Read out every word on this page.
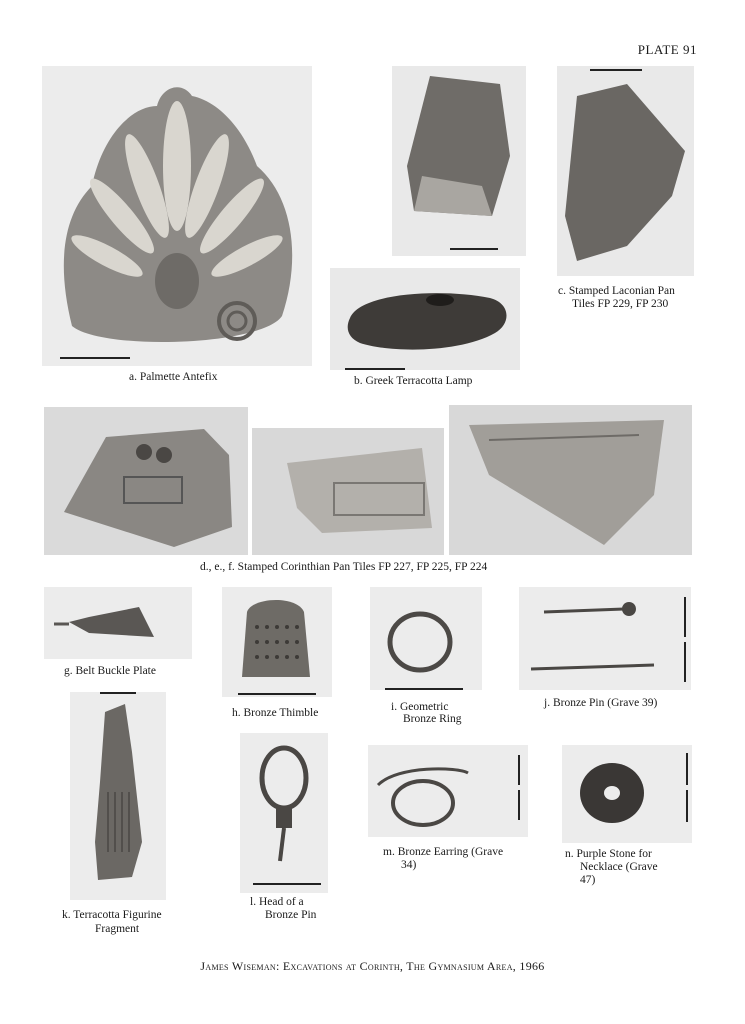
PLATE 91
a. Palmette Antefix	b. Greek Terracotta Lamp
c. Stamped Laconian Pan
Tiles FP 229, FP 230
d., e., f. Stamped Corinthian Pan Tiles FP 227, FP 225, FP 224
g. Belt Buckle Plate
h. Bronze Thimble	i. Geometric
Bronze Ring
j. Bronze Pin (Grave 39)
k. Terracotta Figurine
Fragment
l. Head of a
Bronze Pin
m. Bronze Earring (Grave
34)
n. Purple Stone for
Necklace (Grave
47)
James Wiseman: Excavations at Corinth, The Gymnasium Area, 1966
